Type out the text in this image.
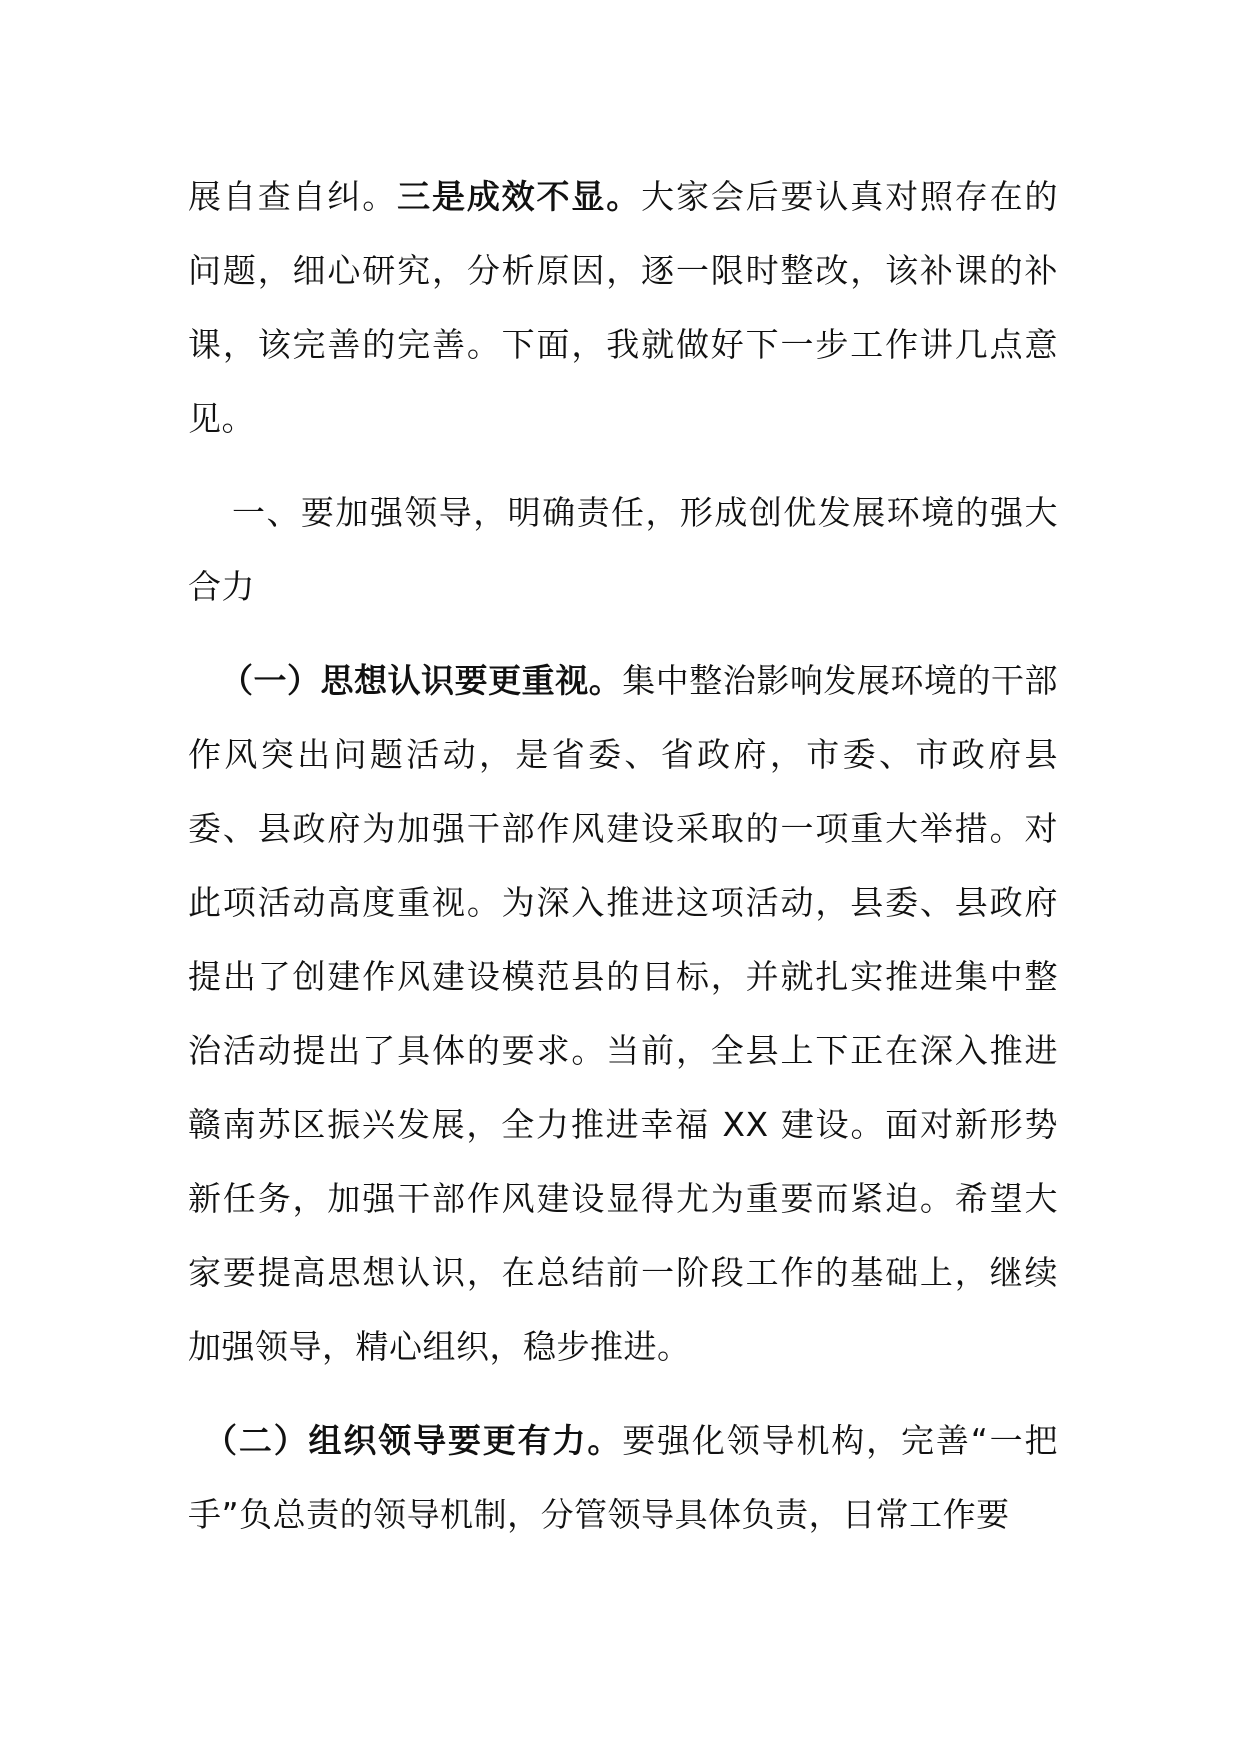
展自查自纠。三是成效不显。大家会后要认真对照存在的问题，细心研究，分析原因，逐一限时整改，该补课的补课，该完善的完善。下面，我就做好下一步工作讲几点意见。

一、要加强领导，明确责任，形成创优发展环境的强大合力

（一）思想认识要更重视。集中整治影响发展环境的干部作风突出问题活动，是省委、省政府，市委、市政府县委、县政府为加强干部作风建设采取的一项重大举措。对此项活动高度重视。为深入推进这项活动，县委、县政府提出了创建作风建设模范县的目标，并就扎实推进集中整治活动提出了具体的要求。当前，全县上下正在深入推进赣南苏区振兴发展，全力推进幸福 XX 建设。面对新形势新任务，加强干部作风建设显得尤为重要而紧迫。希望大家要提高思想认识，在总结前一阶段工作的基础上，继续加强领导，精心组织，稳步推进。

（二）组织领导要更有力。要强化领导机构，完善“一把手”负总责的领导机制，分管领导具体负责，日常工作要
